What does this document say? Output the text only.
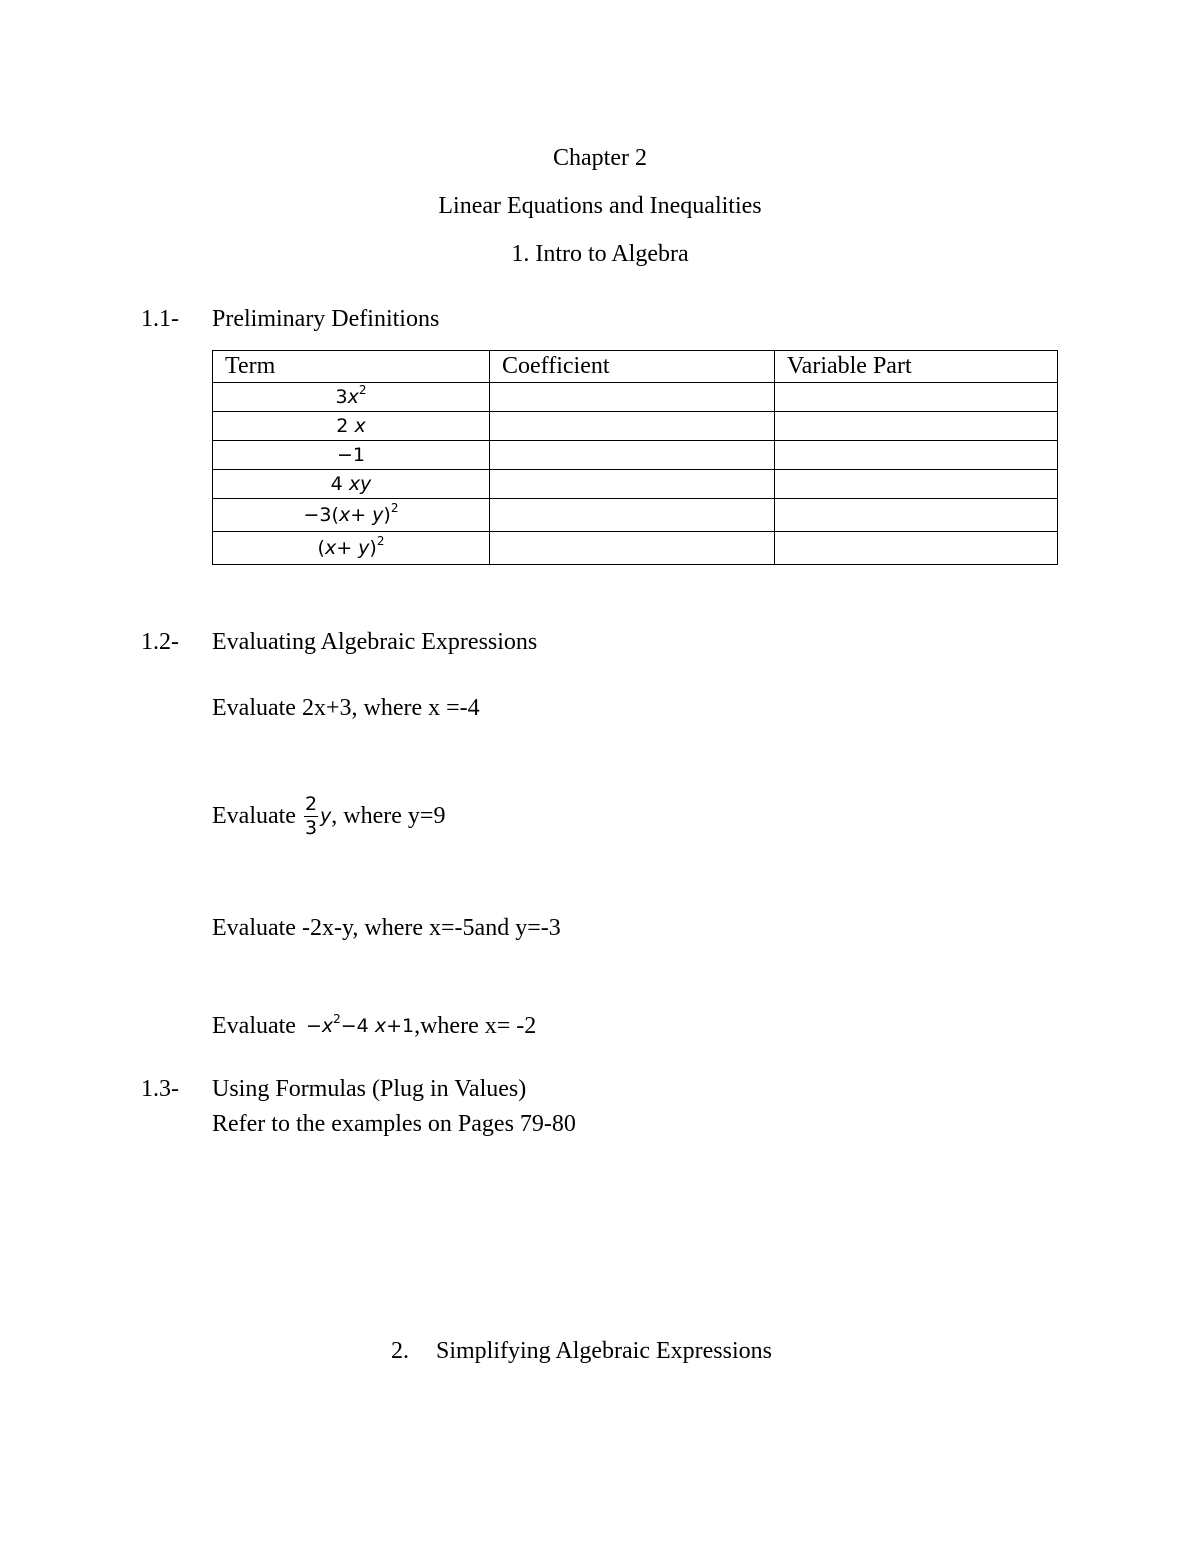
Chapter 2
Linear Equations and Inequalities
1. Intro to Algebra
1.1- Preliminary Definitions
Term	Coefficient	Variable Part

$3x^2$		
2 x		
−1		
4 xy		
$-3(x+ y)^2$		
$(x+ y)^2$		
1.2- Evaluating Algebraic Expressions
Evaluate 2x+3, where x =-4
Evaluate $\frac{2}{3}$ y , where y=9
Evaluate -2x-y, where x=-5and y=-3
Evaluate $-x^2-4$ x+1 ,where x= -2
1.3- Using Formulas (Plug in Values)
Refer to the examples on Pages 79-80
2. Simplifying Algebraic Expressions
